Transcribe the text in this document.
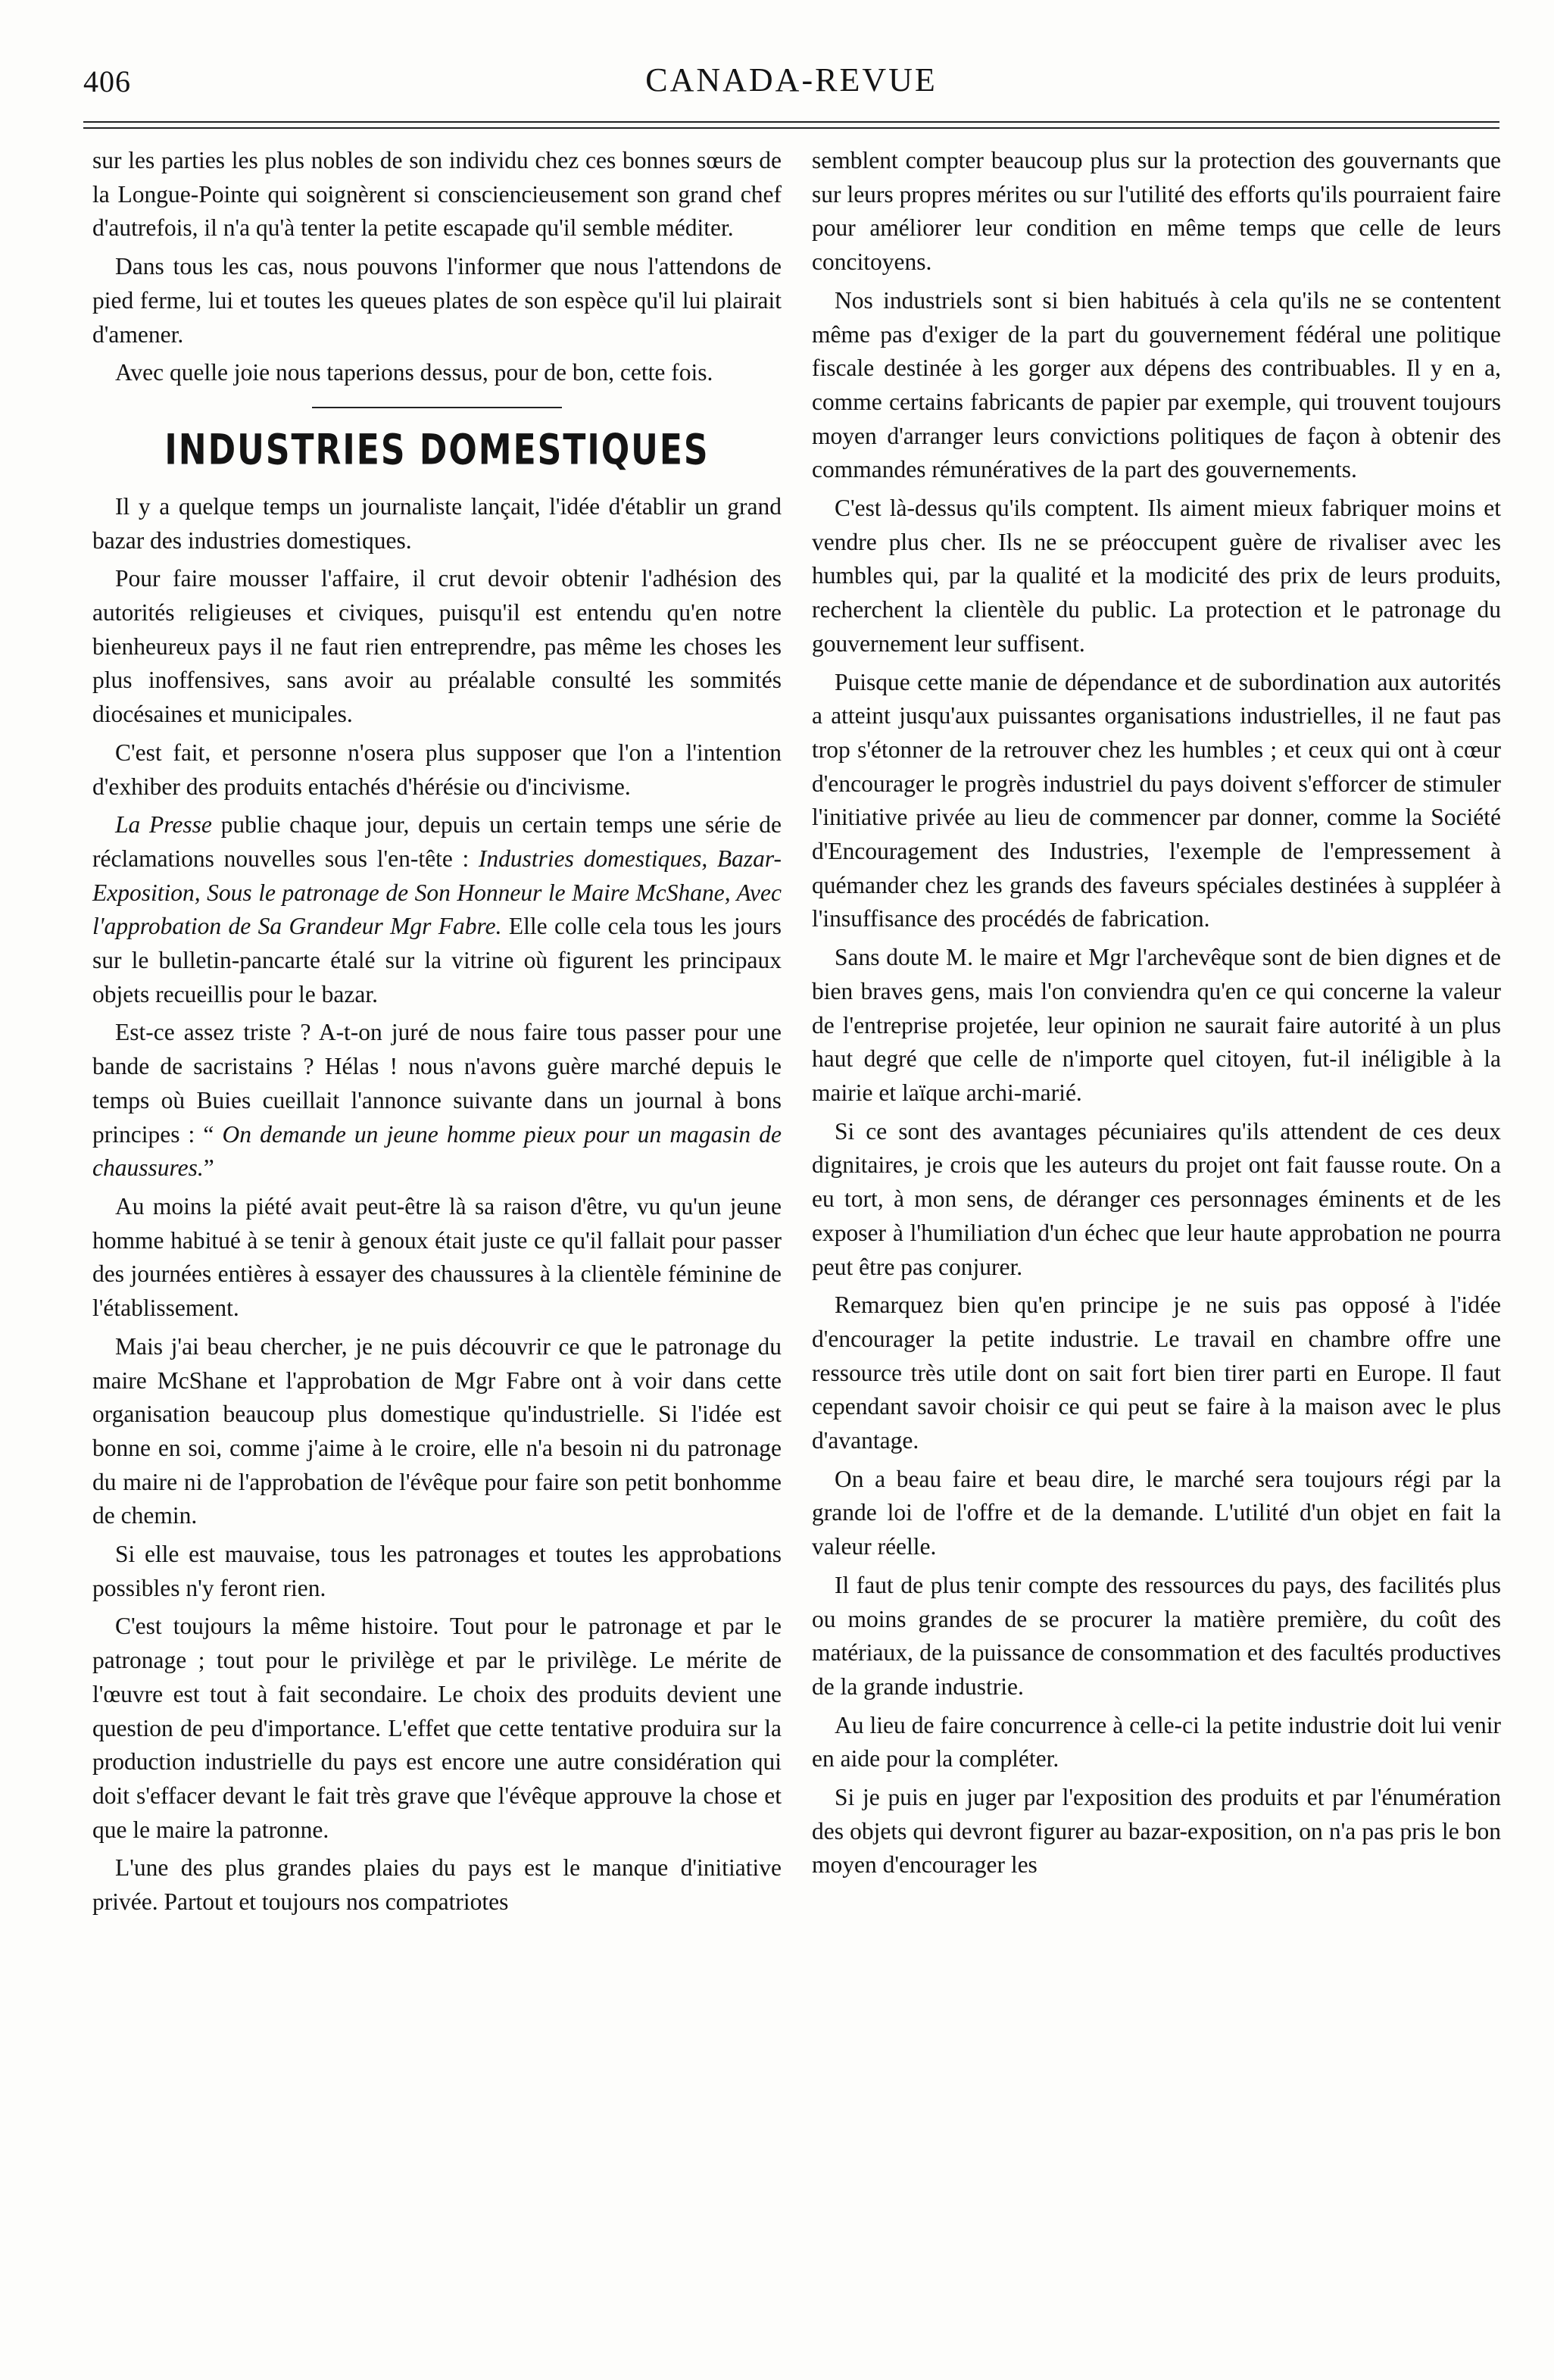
406	CANADA-REVUE

sur les parties les plus nobles de son individu chez ces bonnes sœurs de la Longue-Pointe qui soignèrent si consciencieusement son grand chef d'autrefois, il n'a qu'à tenter la petite escapade qu'il semble méditer.

Dans tous les cas, nous pouvons l'informer que nous l'attendons de pied ferme, lui et toutes les queues plates de son espèce qu'il lui plairait d'amener.

Avec quelle joie nous taperions dessus, pour de bon, cette fois.

INDUSTRIES DOMESTIQUES

Il y a quelque temps un journaliste lançait, l'idée d'établir un grand bazar des industries domestiques.

Pour faire mousser l'affaire, il crut devoir obtenir l'adhésion des autorités religieuses et civiques, puisqu'il est entendu qu'en notre bienheureux pays il ne faut rien entreprendre, pas même les choses les plus inoffensives, sans avoir au préalable consulté les sommités diocésaines et municipales.

C'est fait, et personne n'osera plus supposer que l'on a l'intention d'exhiber des produits entachés d'hérésie ou d'incivisme.

La Presse publie chaque jour, depuis un certain temps une série de réclamations nouvelles sous l'en-tête : Industries domestiques, Bazar-Exposition, Sous le patronage de Son Honneur le Maire McShane, Avec l'approbation de Sa Grandeur Mgr Fabre. Elle colle cela tous les jours sur le bulletin-pancarte étalé sur la vitrine où figurent les principaux objets recueillis pour le bazar.

Est-ce assez triste ? A-t-on juré de nous faire tous passer pour une bande de sacristains ? Hélas ! nous n'avons guère marché depuis le temps où Buies cueillait l'annonce suivante dans un journal à bons principes : “ On demande un jeune homme pieux pour un magasin de chaussures.”

Au moins la piété avait peut-être là sa raison d'être, vu qu'un jeune homme habitué à se tenir à genoux était juste ce qu'il fallait pour passer des journées entières à essayer des chaussures à la clientèle féminine de l'établissement.

Mais j'ai beau chercher, je ne puis découvrir ce que le patronage du maire McShane et l'approbation de Mgr Fabre ont à voir dans cette organisation beaucoup plus domestique qu'industrielle. Si l'idée est bonne en soi, comme j'aime à le croire, elle n'a besoin ni du patronage du maire ni de l'approbation de l'évêque pour faire son petit bonhomme de chemin.

Si elle est mauvaise, tous les patronages et toutes les approbations possibles n'y feront rien.

C'est toujours la même histoire. Tout pour le patronage et par le patronage ; tout pour le privilège et par le privilège. Le mérite de l'œuvre est tout à fait secondaire. Le choix des produits devient une question de peu d'importance. L'effet que cette tentative produira sur la production industrielle du pays est encore une autre considération qui doit s'effacer devant le fait très grave que l'évêque approuve la chose et que le maire la patronne.

L'une des plus grandes plaies du pays est le manque d'initiative privée. Partout et toujours nos compatriotes

semblent compter beaucoup plus sur la protection des gouvernants que sur leurs propres mérites ou sur l'utilité des efforts qu'ils pourraient faire pour améliorer leur condition en même temps que celle de leurs concitoyens.

Nos industriels sont si bien habitués à cela qu'ils ne se contentent même pas d'exiger de la part du gouvernement fédéral une politique fiscale destinée à les gorger aux dépens des contribuables. Il y en a, comme certains fabricants de papier par exemple, qui trouvent toujours moyen d'arranger leurs convictions politiques de façon à obtenir des commandes rémunératives de la part des gouvernements.

C'est là-dessus qu'ils comptent. Ils aiment mieux fabriquer moins et vendre plus cher. Ils ne se préoccupent guère de rivaliser avec les humbles qui, par la qualité et la modicité des prix de leurs produits, recherchent la clientèle du public. La protection et le patronage du gouvernement leur suffisent.

Puisque cette manie de dépendance et de subordination aux autorités a atteint jusqu'aux puissantes organisations industrielles, il ne faut pas trop s'étonner de la retrouver chez les humbles ; et ceux qui ont à cœur d'encourager le progrès industriel du pays doivent s'efforcer de stimuler l'initiative privée au lieu de commencer par donner, comme la Société d'Encouragement des Industries, l'exemple de l'empressement à quémander chez les grands des faveurs spéciales destinées à suppléer à l'insuffisance des procédés de fabrication.

Sans doute M. le maire et Mgr l'archevêque sont de bien dignes et de bien braves gens, mais l'on conviendra qu'en ce qui concerne la valeur de l'entreprise projetée, leur opinion ne saurait faire autorité à un plus haut degré que celle de n'importe quel citoyen, fut-il inéligible à la mairie et laïque archi-marié.

Si ce sont des avantages pécuniaires qu'ils attendent de ces deux dignitaires, je crois que les auteurs du projet ont fait fausse route. On a eu tort, à mon sens, de déranger ces personnages éminents et de les exposer à l'humiliation d'un échec que leur haute approbation ne pourra peut être pas conjurer.

Remarquez bien qu'en principe je ne suis pas opposé à l'idée d'encourager la petite industrie. Le travail en chambre offre une ressource très utile dont on sait fort bien tirer parti en Europe. Il faut cependant savoir choisir ce qui peut se faire à la maison avec le plus d'avantage.

On a beau faire et beau dire, le marché sera toujours régi par la grande loi de l'offre et de la demande. L'utilité d'un objet en fait la valeur réelle.

Il faut de plus tenir compte des ressources du pays, des facilités plus ou moins grandes de se procurer la matière première, du coût des matériaux, de la puissance de consommation et des facultés productives de la grande industrie.

Au lieu de faire concurrence à celle-ci la petite industrie doit lui venir en aide pour la compléter.

Si je puis en juger par l'exposition des produits et par l'énumération des objets qui devront figurer au bazar-exposition, on n'a pas pris le bon moyen d'encourager les
